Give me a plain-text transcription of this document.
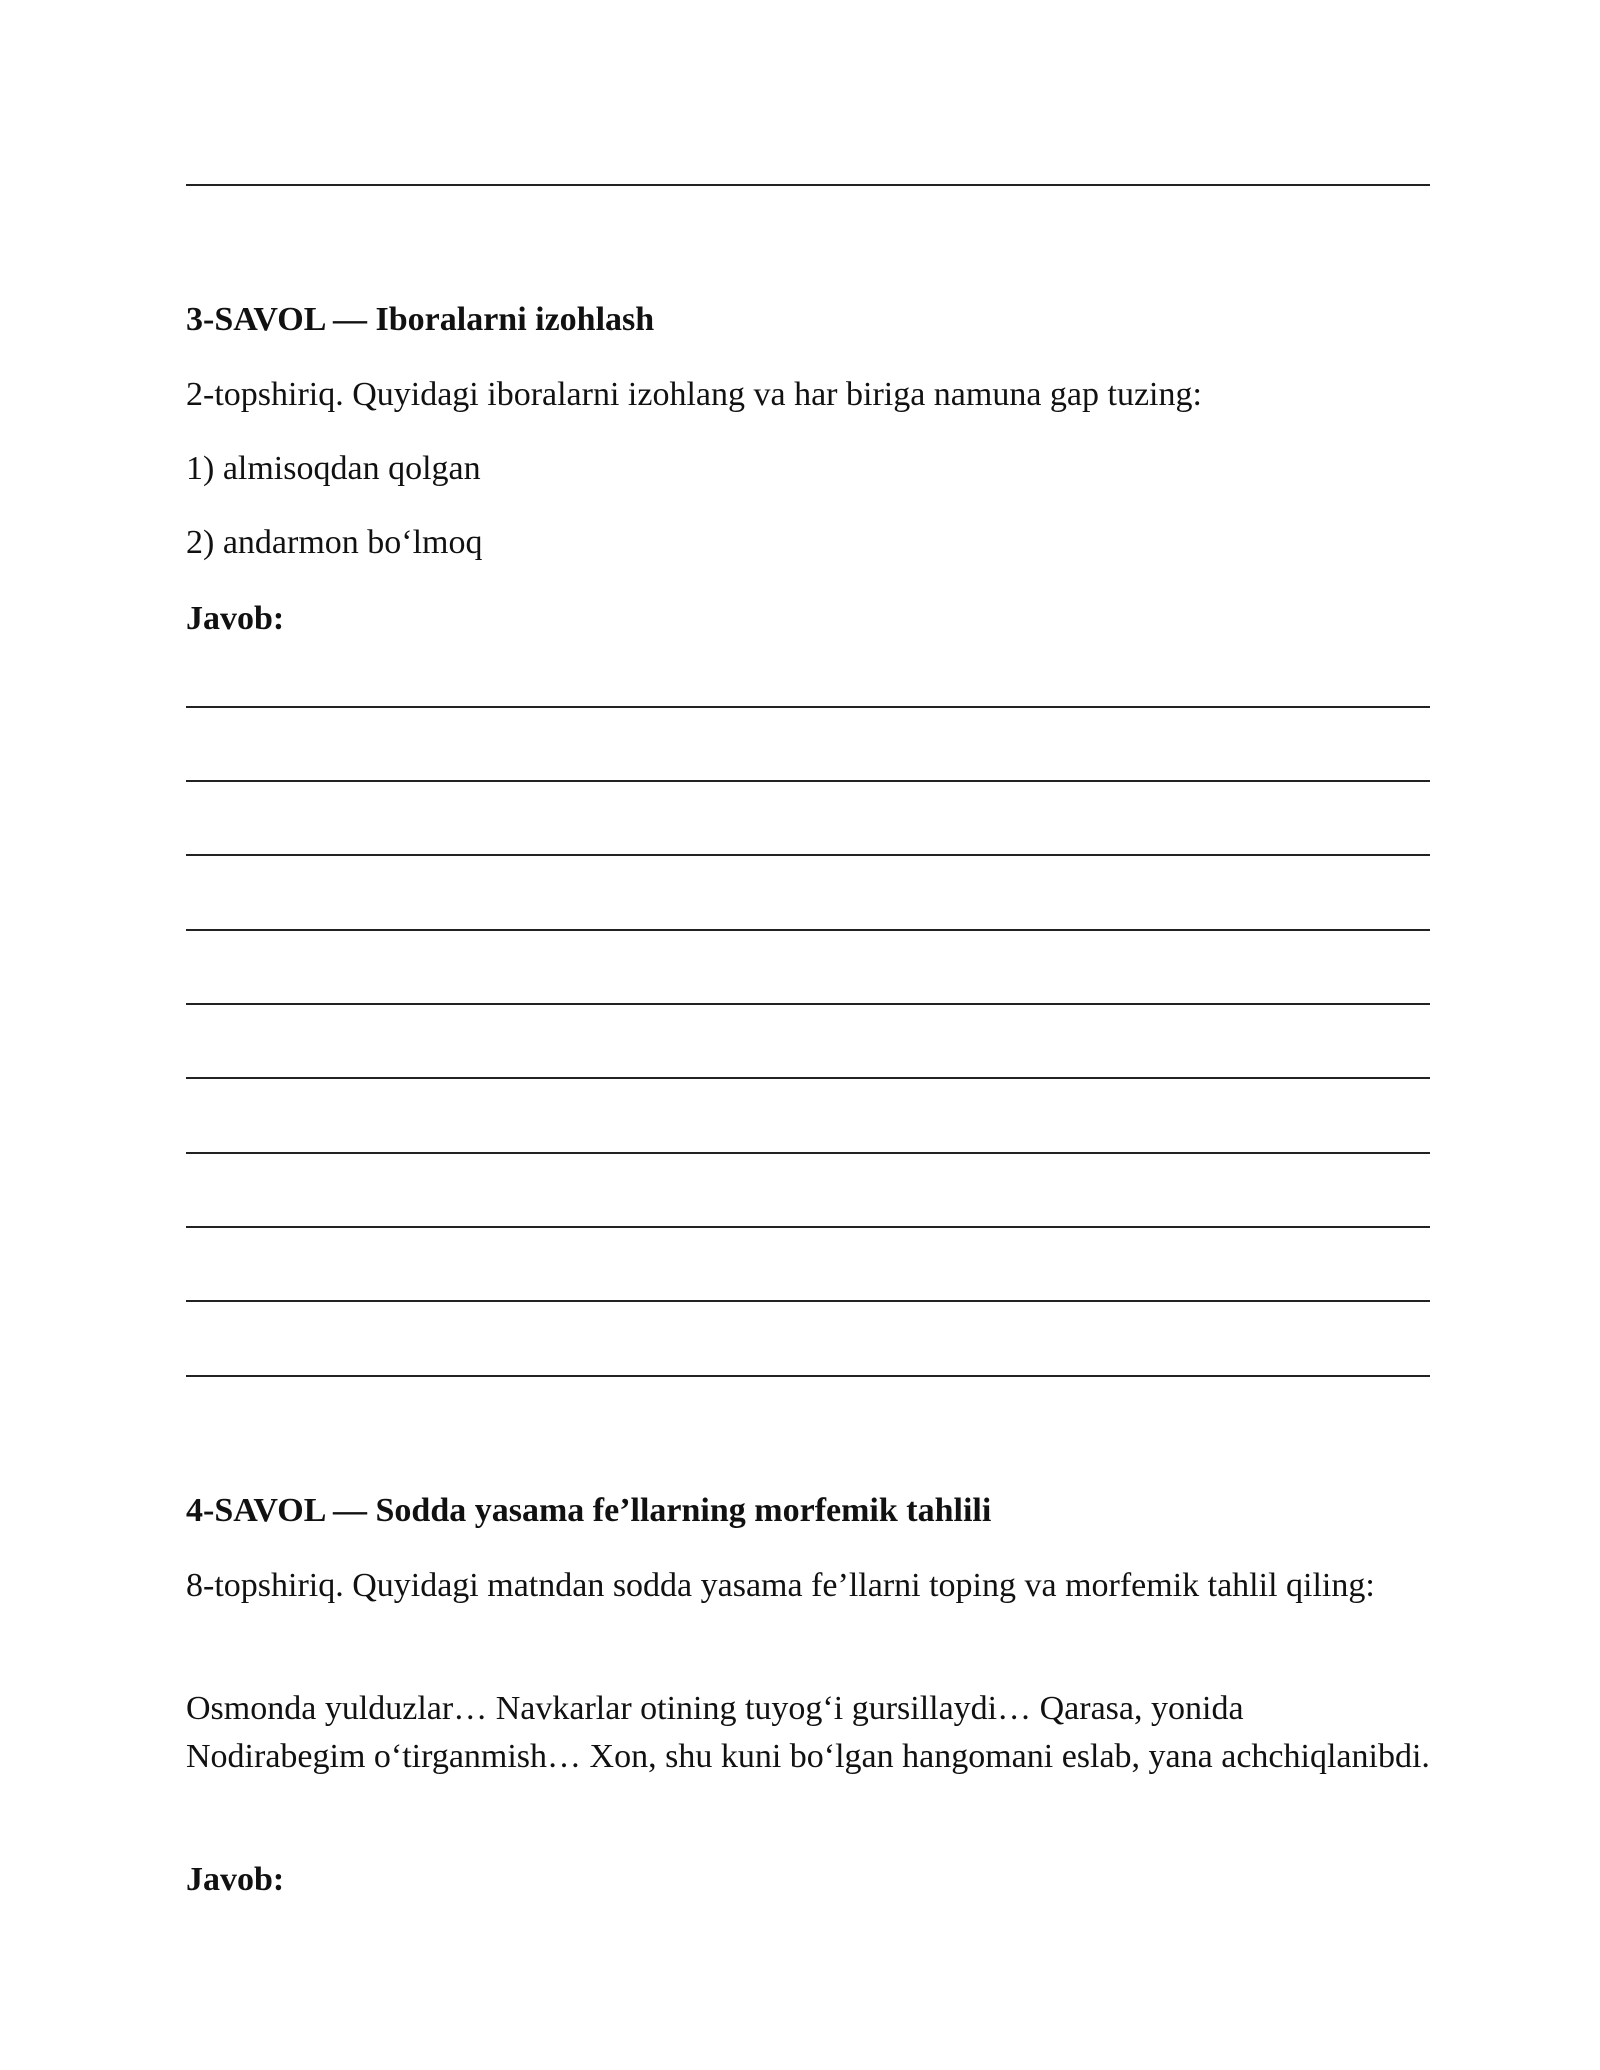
3-SAVOL — Iboralarni izohlash
2-topshiriq. Quyidagi iboralarni izohlang va har biriga namuna gap tuzing:
1) almisoqdan qolgan
2) andarmon bo‘lmoq
Javob:
4-SAVOL — Sodda yasama fe’llarning morfemik tahlili
8-topshiriq. Quyidagi matndan sodda yasama fe’llarni toping va morfemik tahlil qiling:
Osmonda yulduzlar… Navkarlar otining tuyog‘i gursillaydi… Qarasa, yonida Nodirabegim o‘tirganmish… Xon, shu kuni bo‘lgan hangomani eslab, yana achchiqlanibdi.
Javob:
